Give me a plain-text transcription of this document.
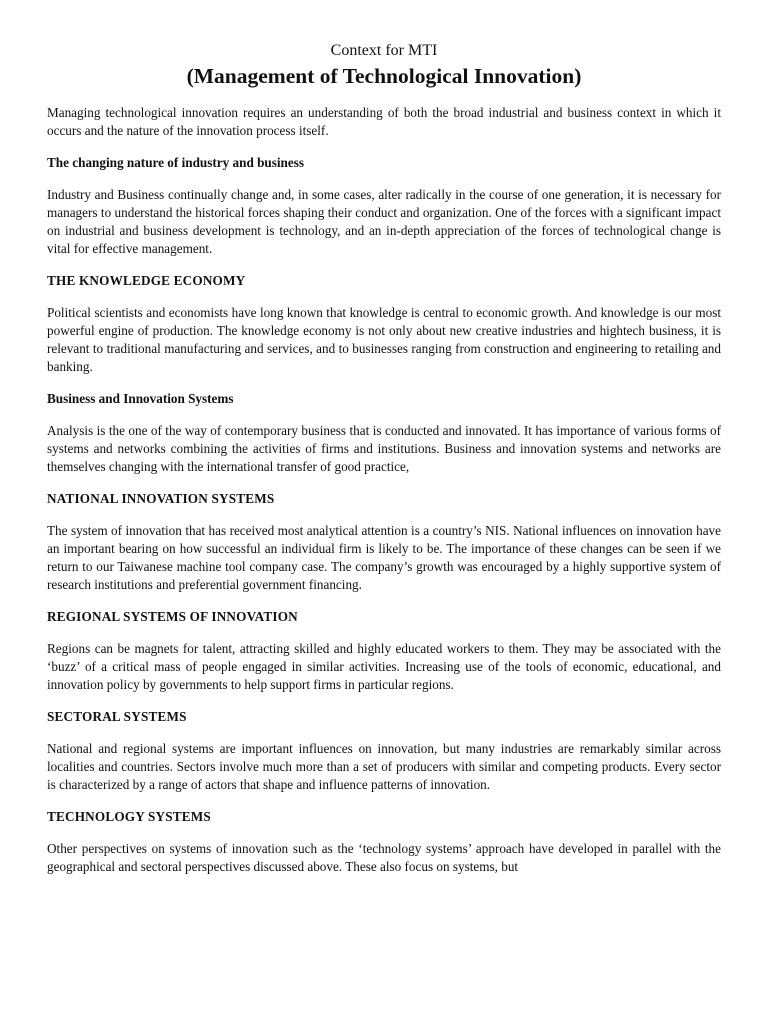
Context for MTI
(Management of Technological Innovation)

Managing technological innovation requires an understanding of both the broad industrial and business context in which it occurs and the nature of the innovation process itself.

The changing nature of industry and business

Industry and Business continually change and, in some cases, alter radically in the course of one generation, it is necessary for managers to understand the historical forces shaping their conduct and organization. One of the forces with a significant impact on industrial and business development is technology, and an in-depth appreciation of the forces of technological change is vital for effective management.

THE KNOWLEDGE ECONOMY

Political scientists and economists have long known that knowledge is central to economic growth. And knowledge is our most powerful engine of production. The knowledge economy is not only about new creative industries and hightech business, it is relevant to traditional manufacturing and services, and to businesses ranging from construction and engineering to retailing and banking.

Business and Innovation Systems

Analysis is the one of the way of contemporary business that is conducted and innovated. It has importance of various forms of systems and networks combining the activities of firms and institutions. Business and innovation systems and networks are themselves changing with the international transfer of good practice,

NATIONAL INNOVATION SYSTEMS

The system of innovation that has received most analytical attention is a country’s NIS. National influences on innovation have an important bearing on how successful an individual firm is likely to be. The importance of these changes can be seen if we return to our Taiwanese machine tool company case. The company’s growth was encouraged by a highly supportive system of research institutions and preferential government financing.

REGIONAL SYSTEMS OF INNOVATION

Regions can be magnets for talent, attracting skilled and highly educated workers to them. They may be associated with the ‘buzz’ of a critical mass of people engaged in similar activities. Increasing use of the tools of economic, educational, and innovation policy by governments to help support firms in particular regions.

SECTORAL SYSTEMS

National and regional systems are important influences on innovation, but many industries are remarkably similar across localities and countries. Sectors involve much more than a set of producers with similar and competing products. Every sector is characterized by a range of actors that shape and influence patterns of innovation.

TECHNOLOGY SYSTEMS

Other perspectives on systems of innovation such as the ‘technology systems’ approach have developed in parallel with the geographical and sectoral perspectives discussed above. These also focus on systems, but
